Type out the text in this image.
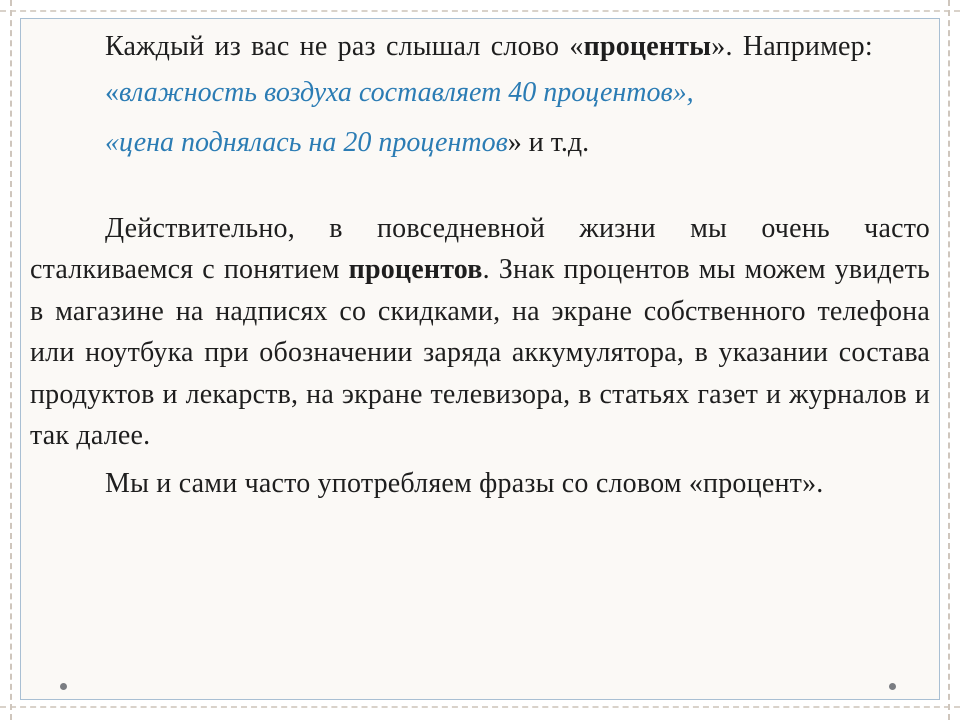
Каждый из вас не раз слышал слово «проценты». Например:

«влажность воздуха составляет 40 процентов»,

«цена поднялась на 20 процентов» и т.д.

Действительно, в повседневной жизни мы очень часто сталкиваемся с понятием процентов. Знак процентов мы можем увидеть в магазине на надписях со скидками, на экране собственного телефона или ноутбука при обозначении заряда аккумулятора, в указании состава продуктов и лекарств, на экране телевизора, в статьях газет и журналов и так далее.

Мы и сами часто употребляем фразы со словом «процент».
